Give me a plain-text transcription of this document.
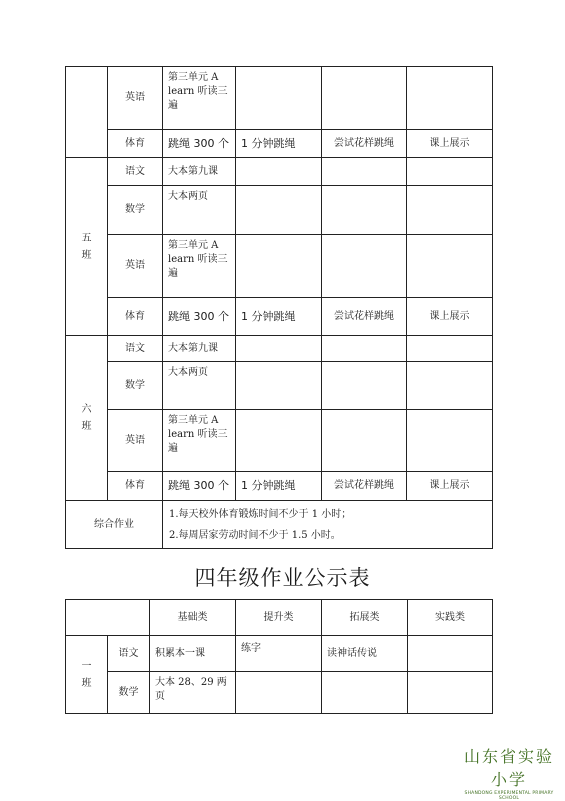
	英语	第三单元 A learn 听读三遍			
	体育	跳绳 300 个	1 分钟跳绳	尝试花样跳绳	课上展示

五班	语文	大本第九课			
	数学	大本两页			
	英语	第三单元 A learn 听读三遍			
	体育	跳绳 300 个	1 分钟跳绳	尝试花样跳绳	课上展示

六班	语文	大本第九课			
	数学	大本两页			
	英语	第三单元 A learn 听读三遍			
	体育	跳绳 300 个	1 分钟跳绳	尝试花样跳绳	课上展示
综合作业		1.每天校外体育锻炼时间不少于 1 小时；
2.每周居家劳动时间不少于 1.5 小时。			
四年级作业公示表
		基础类	提升类	拓展类	实践类

一班	语文	积累本一课	练字	读神话传说	
	数学	大本 28、29 两页			
山东省实验小学
SHANDONG EXPERIMENTAL PRIMARY SCHOOL
